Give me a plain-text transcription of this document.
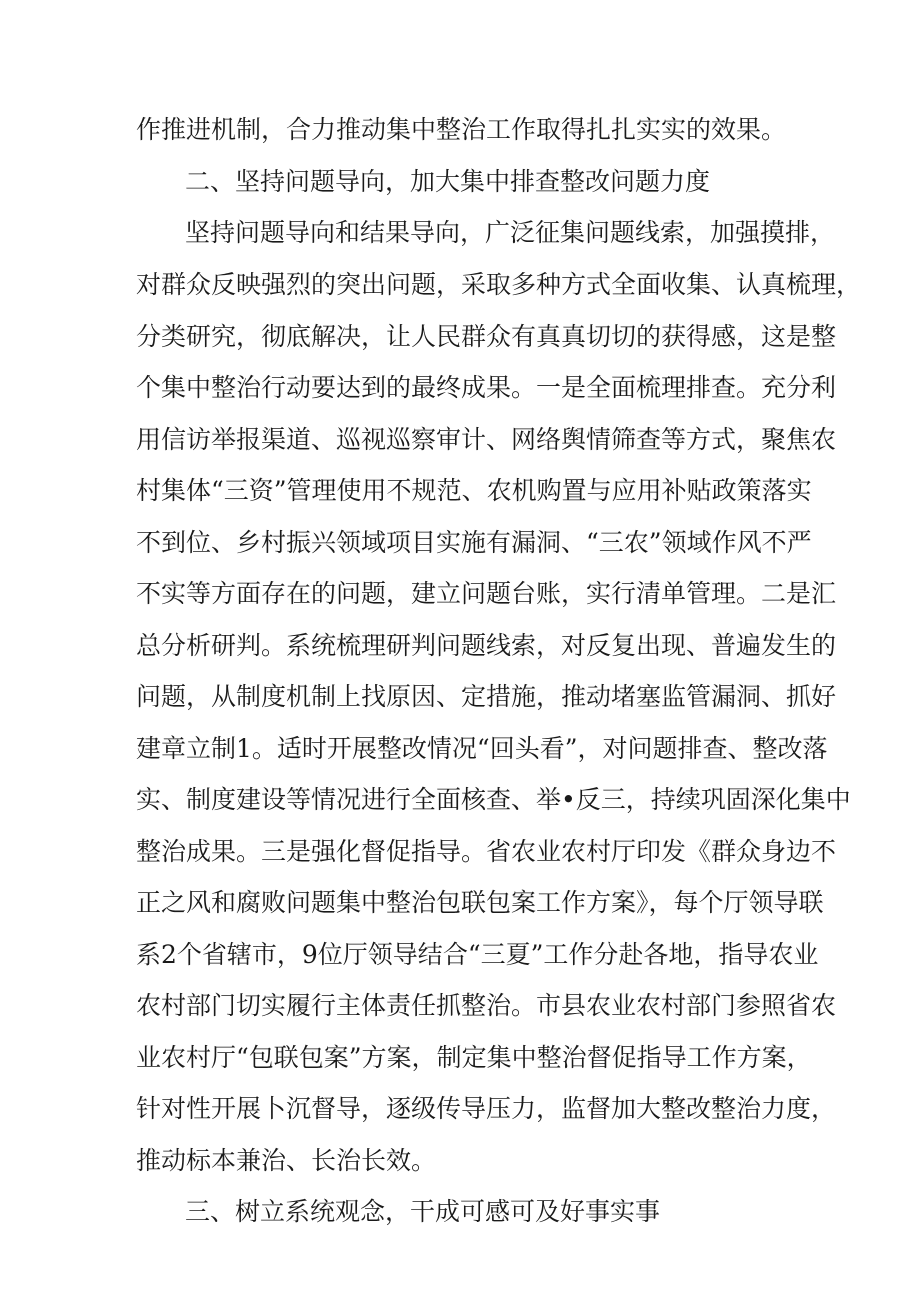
作推进机制，合力推动集中整治工作取得扎扎实实的效果。
二、坚持问题导向，加大集中排查整改问题力度
坚持问题导向和结果导向，广泛征集问题线索，加强摸排，
对群众反映强烈的突出问题，采取多种方式全面收集、认真梳理，
分类研究，彻底解决，让人民群众有真真切切的获得感，这是整
个集中整治行动要达到的最终成果。一是全面梳理排查。充分利
用信访举报渠道、巡视巡察审计、网络舆情筛查等方式，聚焦农
村集体“三资”管理使用不规范、农机购置与应用补贴政策落实
不到位、乡村振兴领域项目实施有漏洞、“三农”领域作风不严
不实等方面存在的问题，建立问题台账，实行清单管理。二是汇
总分析研判。系统梳理研判问题线索，对反复出现、普遍发生的
问题，从制度机制上找原因、定措施，推动堵塞监管漏洞、抓好
建章立制1。适时开展整改情况“回头看”，对问题排查、整改落
实、制度建设等情况进行全面核查、举•反三，持续巩固深化集中
整治成果。三是强化督促指导。省农业农村厅印发《群众身边不
正之风和腐败问题集中整治包联包案工作方案》，每个厅领导联
系2个省辖市，9位厅领导结合“三夏”工作分赴各地，指导农业
农村部门切实履行主体责任抓整治。市县农业农村部门参照省农
业农村厅“包联包案”方案，制定集中整治督促指导工作方案，
针对性开展卜沉督导，逐级传导压力，监督加大整改整治力度，
推动标本兼治、长治长效。
三、树立系统观念，干成可感可及好事实事
